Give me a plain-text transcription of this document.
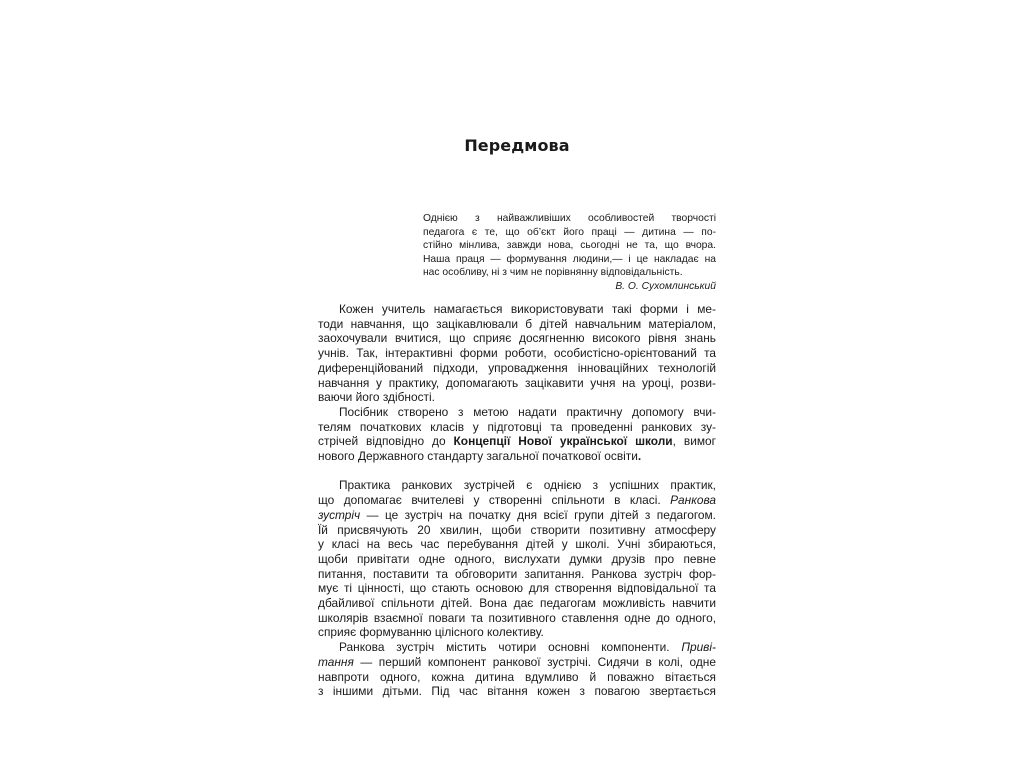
Передмова
Однією з найважливіших особливостей творчості
педагога є те, що об’єкт його праці — дитина — по-
стійно мінлива, завжди нова, сьогодні не та, що вчора.
Наша праця — формування людини,— і це накладає на
нас особливу, ні з чим не порівнянну відповідальність.
В. О. Сухомлинський
Кожен учитель намагається використовувати такі форми і ме-
тоди навчання, що зацікавлювали б дітей навчальним матеріалом,
заохочували вчитися, що сприяє досягненню високого рівня знань
учнів. Так, інтерактивні форми роботи, особистісно-орієнтований та
диференційований підходи, упровадження інноваційних технологій
навчання у практику, допомагають зацікавити учня на уроці, розви-
ваючи його здібності.
Посібник створено з метою надати практичну допомогу вчи-
телям початкових класів у підготовці та проведенні ранкових зу-
стрічей відповідно до Концепції Нової української школи, вимог
нового Державного стандарту загальної початкової освіти.
Практика ранкових зустрічей є однією з успішних практик,
що допомагає вчителеві у створенні спільноти в класі. Ранкова
зустріч — це зустріч на початку дня всієї групи дітей з педагогом.
Їй присвячують 20 хвилин, щоби створити позитивну атмосферу
у класі на весь час перебування дітей у школі. Учні збираються,
щоби привітати одне одного, вислухати думки друзів про певне
питання, поставити та обговорити запитання. Ранкова зустріч фор-
мує ті цінності, що стають основою для створення відповідальної та
дбайливої спільноти дітей. Вона дає педагогам можливість навчити
школярів взаємної поваги та позитивного ставлення одне до одного,
сприяє формуванню цілісного колективу.
Ранкова зустріч містить чотири основні компоненти. Приві-
тання — перший компонент ранкової зустрічі. Сидячи в колі, одне
навпроти одного, кожна дитина вдумливо й поважно вітається
з іншими дітьми. Під час вітання кожен з повагою звертається
